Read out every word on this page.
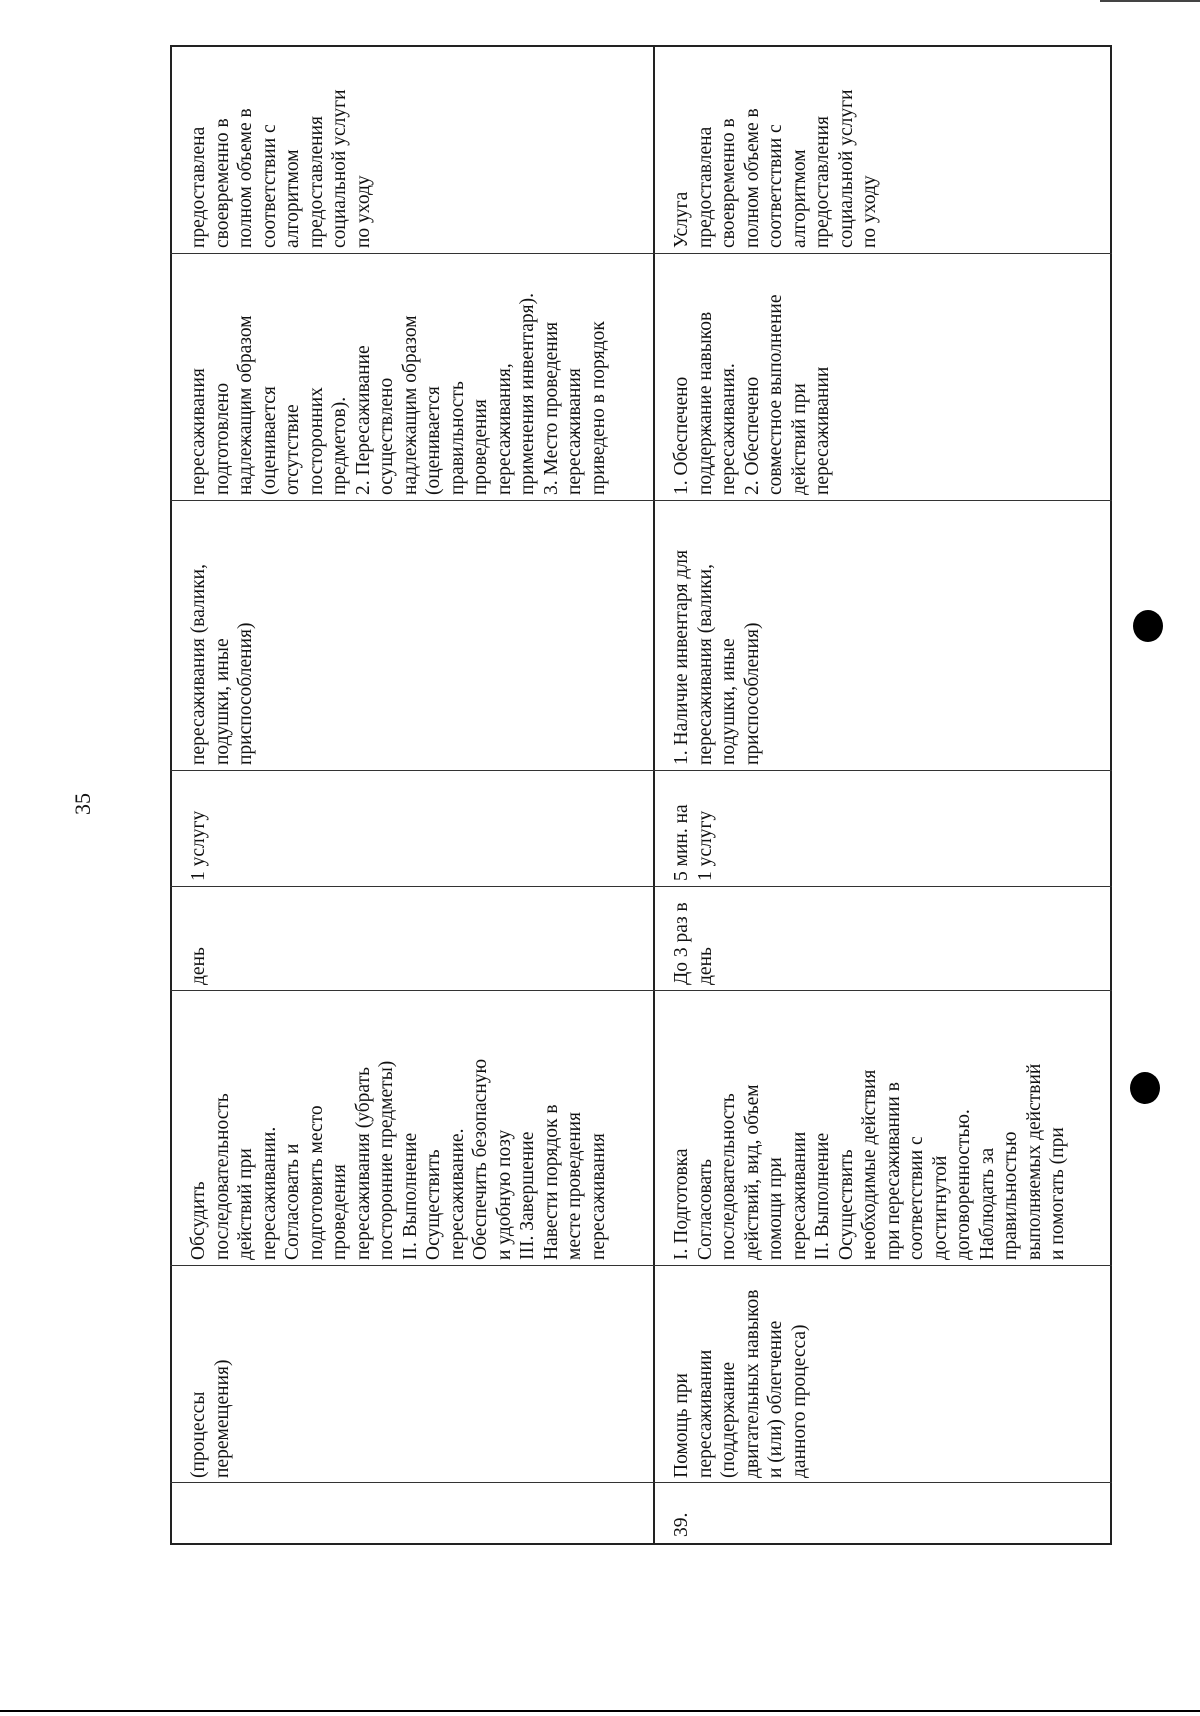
35
(процессы перемещения)
Обсудить последовательность действий при пересаживании. Согласовать и подготовить место проведения пересаживания (убрать посторонние предметы) II. Выполнение Осуществить пересаживание. Обеспечить безопасную и удобную позу III. Завершение Навести порядок в месте проведения пересаживания
день
1 услугу
пересаживания (валики, подушки, иные приспособления)
пересаживания подготовлено надлежащим образом (оценивается отсутствие посторонних предметов). 2. Пересаживание осуществлено надлежащим образом (оценивается правильность проведения пересаживания, применения инвентаря). 3. Место проведения пересаживания приведено в порядок
предоставлена своевременно в полном объеме в соответствии с алгоритмом предоставления социальной услуги по уходу
39.
Помощь при пересаживании (поддержание двигательных навыков и (или) облегчение данного процесса)
I. Подготовка Согласовать последовательность действий, вид, объем помощи при пересаживании II. Выполнение Осуществить необходимые действия при пересаживании в соответствии с достигнутой договоренностью. Наблюдать за правильностью выполняемых действий и помогать (при
До 3 раз в день
5 мин. на 1 услугу
1. Наличие инвентаря для пересаживания (валики, подушки, иные приспособления)
1. Обеспечено поддержание навыков пересаживания. 2. Обеспечено совместное выполнение действий при пересаживании
Услуга предоставлена своевременно в полном объеме в соответствии с алгоритмом предоставления социальной услуги по уходу
